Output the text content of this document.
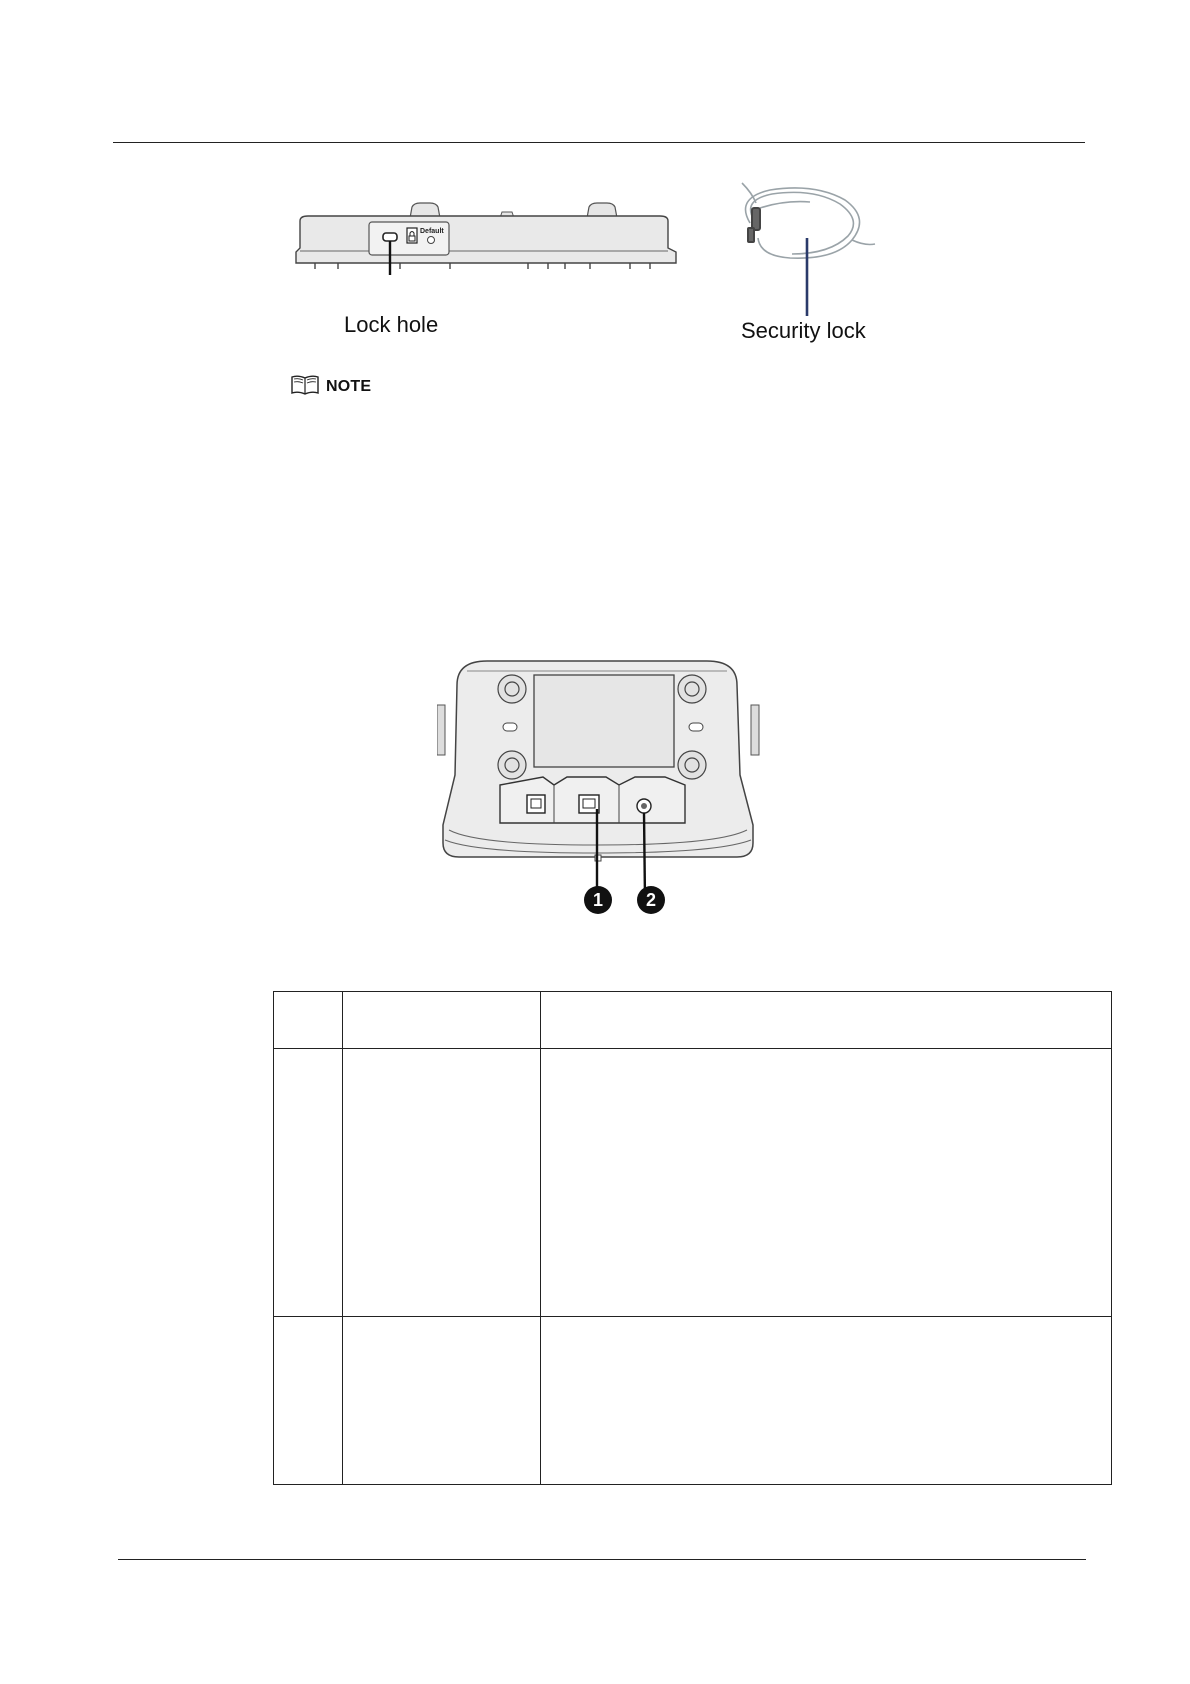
Default
Lock hole	Security lock
NOTE
1 2
